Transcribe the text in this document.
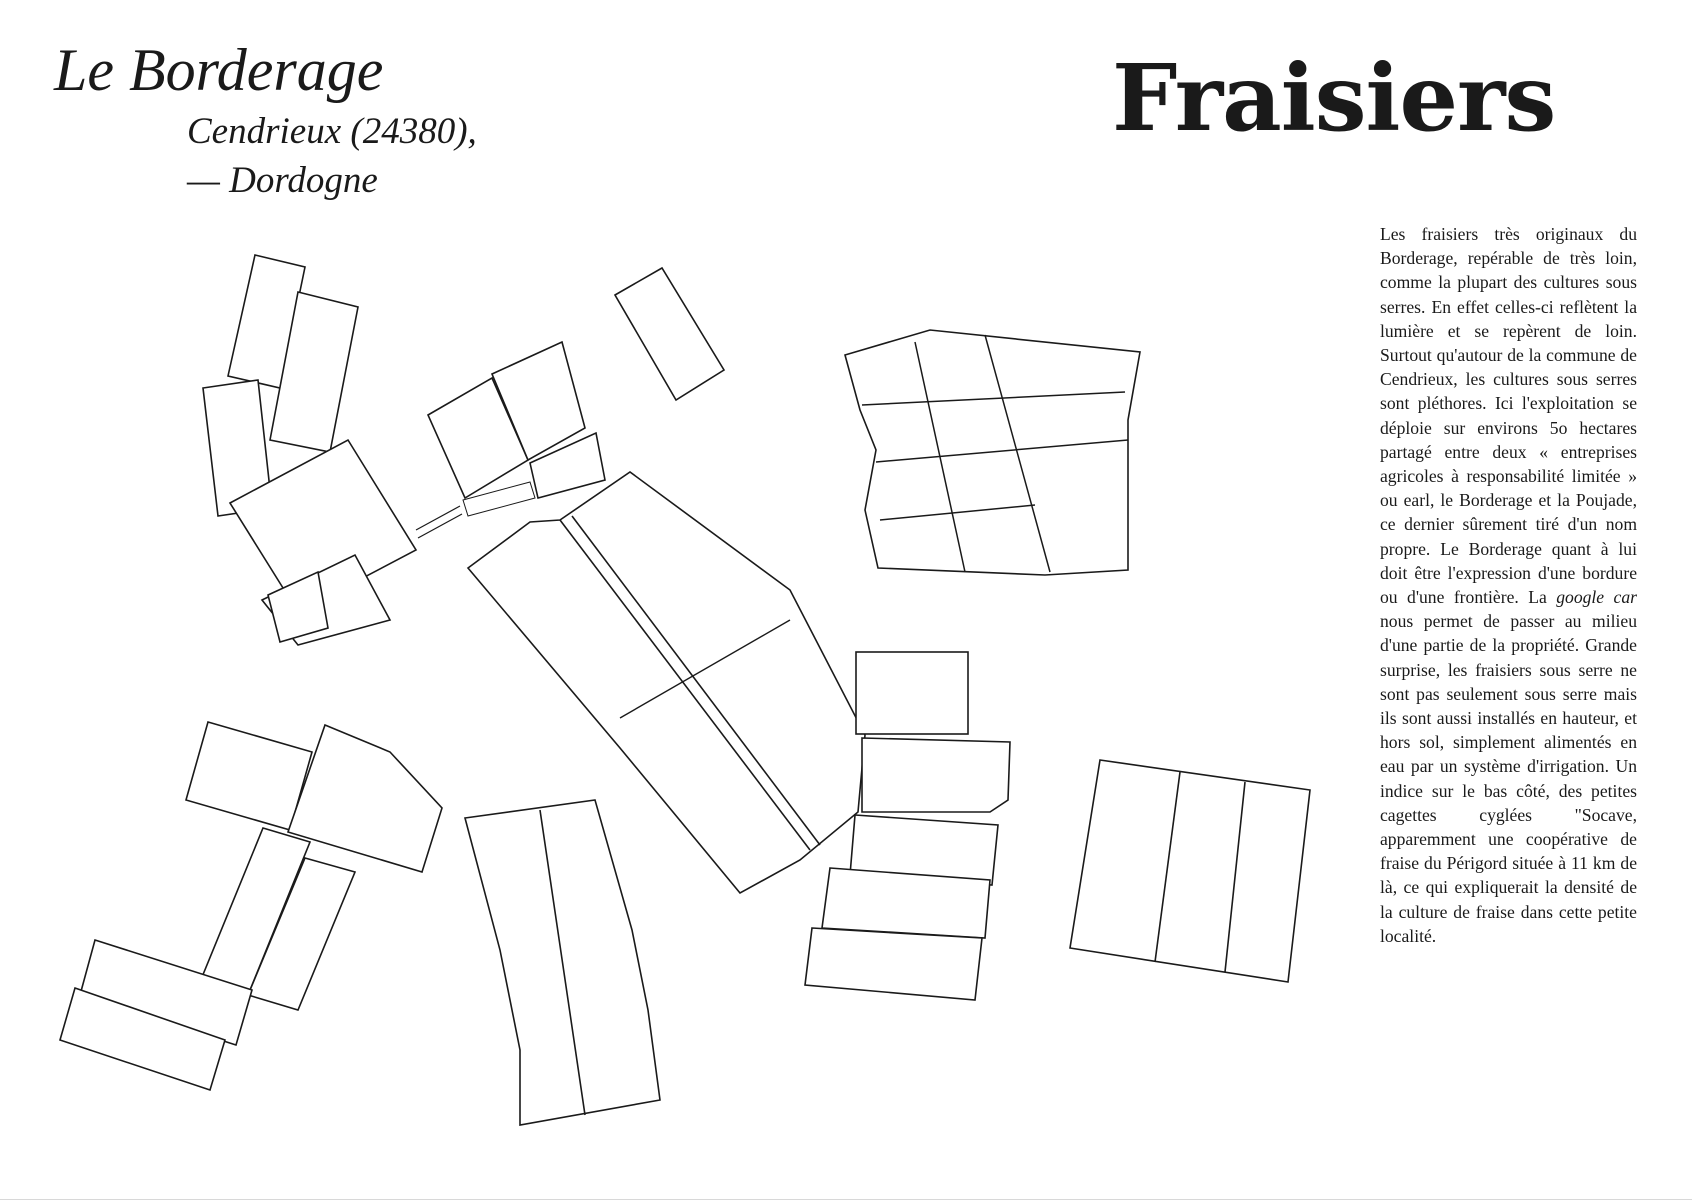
Le Borderage
Cendrieux (24380),
— Dordogne
Fraisiers

Les fraisiers très originaux du Borderage, repérable de très loin, comme la plupart des cultures sous serres. En effet celles-ci reflètent la lumière et se repèrent de loin. Surtout qu'autour de la commune de Cendrieux, les cultures sous serres sont pléthores. Ici l'exploitation se déploie sur environs 5o hectares partagé entre deux « entreprises agricoles à responsabilité limitée » ou earl, le Borderage et la Poujade, ce dernier sûrement tiré d'un nom propre. Le Borderage quant à lui doit être l'expression d'une bordure ou d'une frontière. La google car nous permet de passer au milieu d'une partie de la propriété. Grande surprise, les fraisiers sous serre ne sont pas seulement sous serre mais ils sont aussi installés en hauteur, et hors sol, simplement alimentés en eau par un système d'irrigation. Un indice sur le bas côté, des petites cagettes cyglées "Socave, apparemment une coopérative de fraise du Périgord située à 11 km de là, ce qui expliquerait la densité de la culture de fraise dans cette petite localité.
